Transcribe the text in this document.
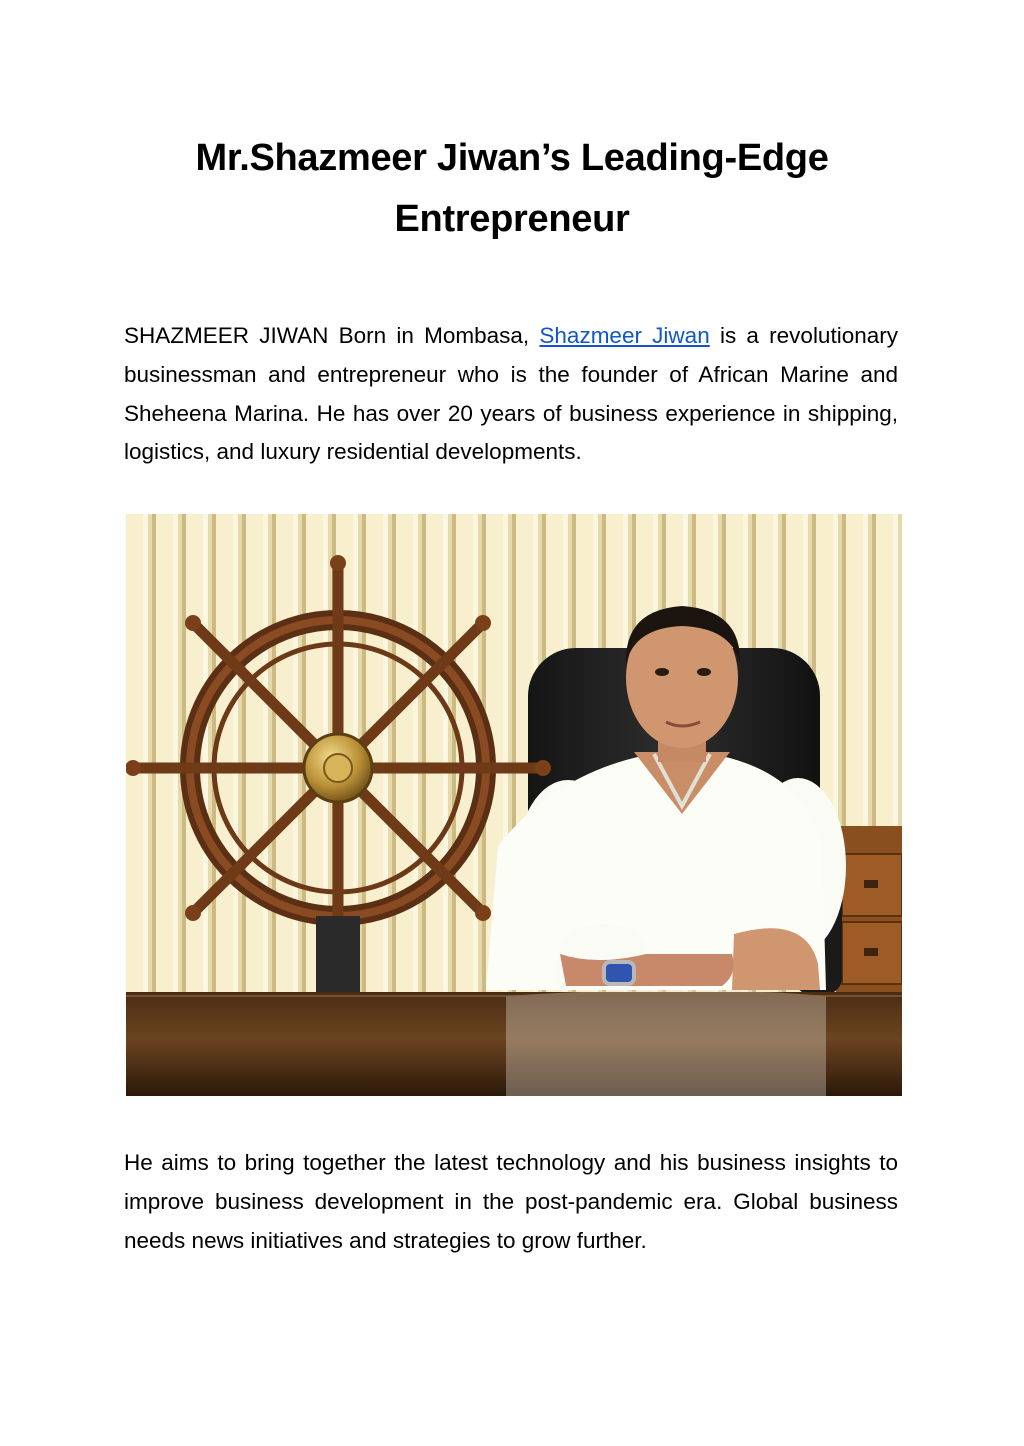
Mr.Shazmeer Jiwan’s Leading-Edge Entrepreneur

SHAZMEER JIWAN Born in Mombasa, Shazmeer Jiwan is a revolutionary businessman and entrepreneur who is the founder of African Marine and Sheheena Marina. He has over 20 years of business experience in shipping, logistics, and luxury residential developments.

He aims to bring together the latest technology and his business insights to improve business development in the post-pandemic era. Global business needs news initiatives and strategies to grow further.
